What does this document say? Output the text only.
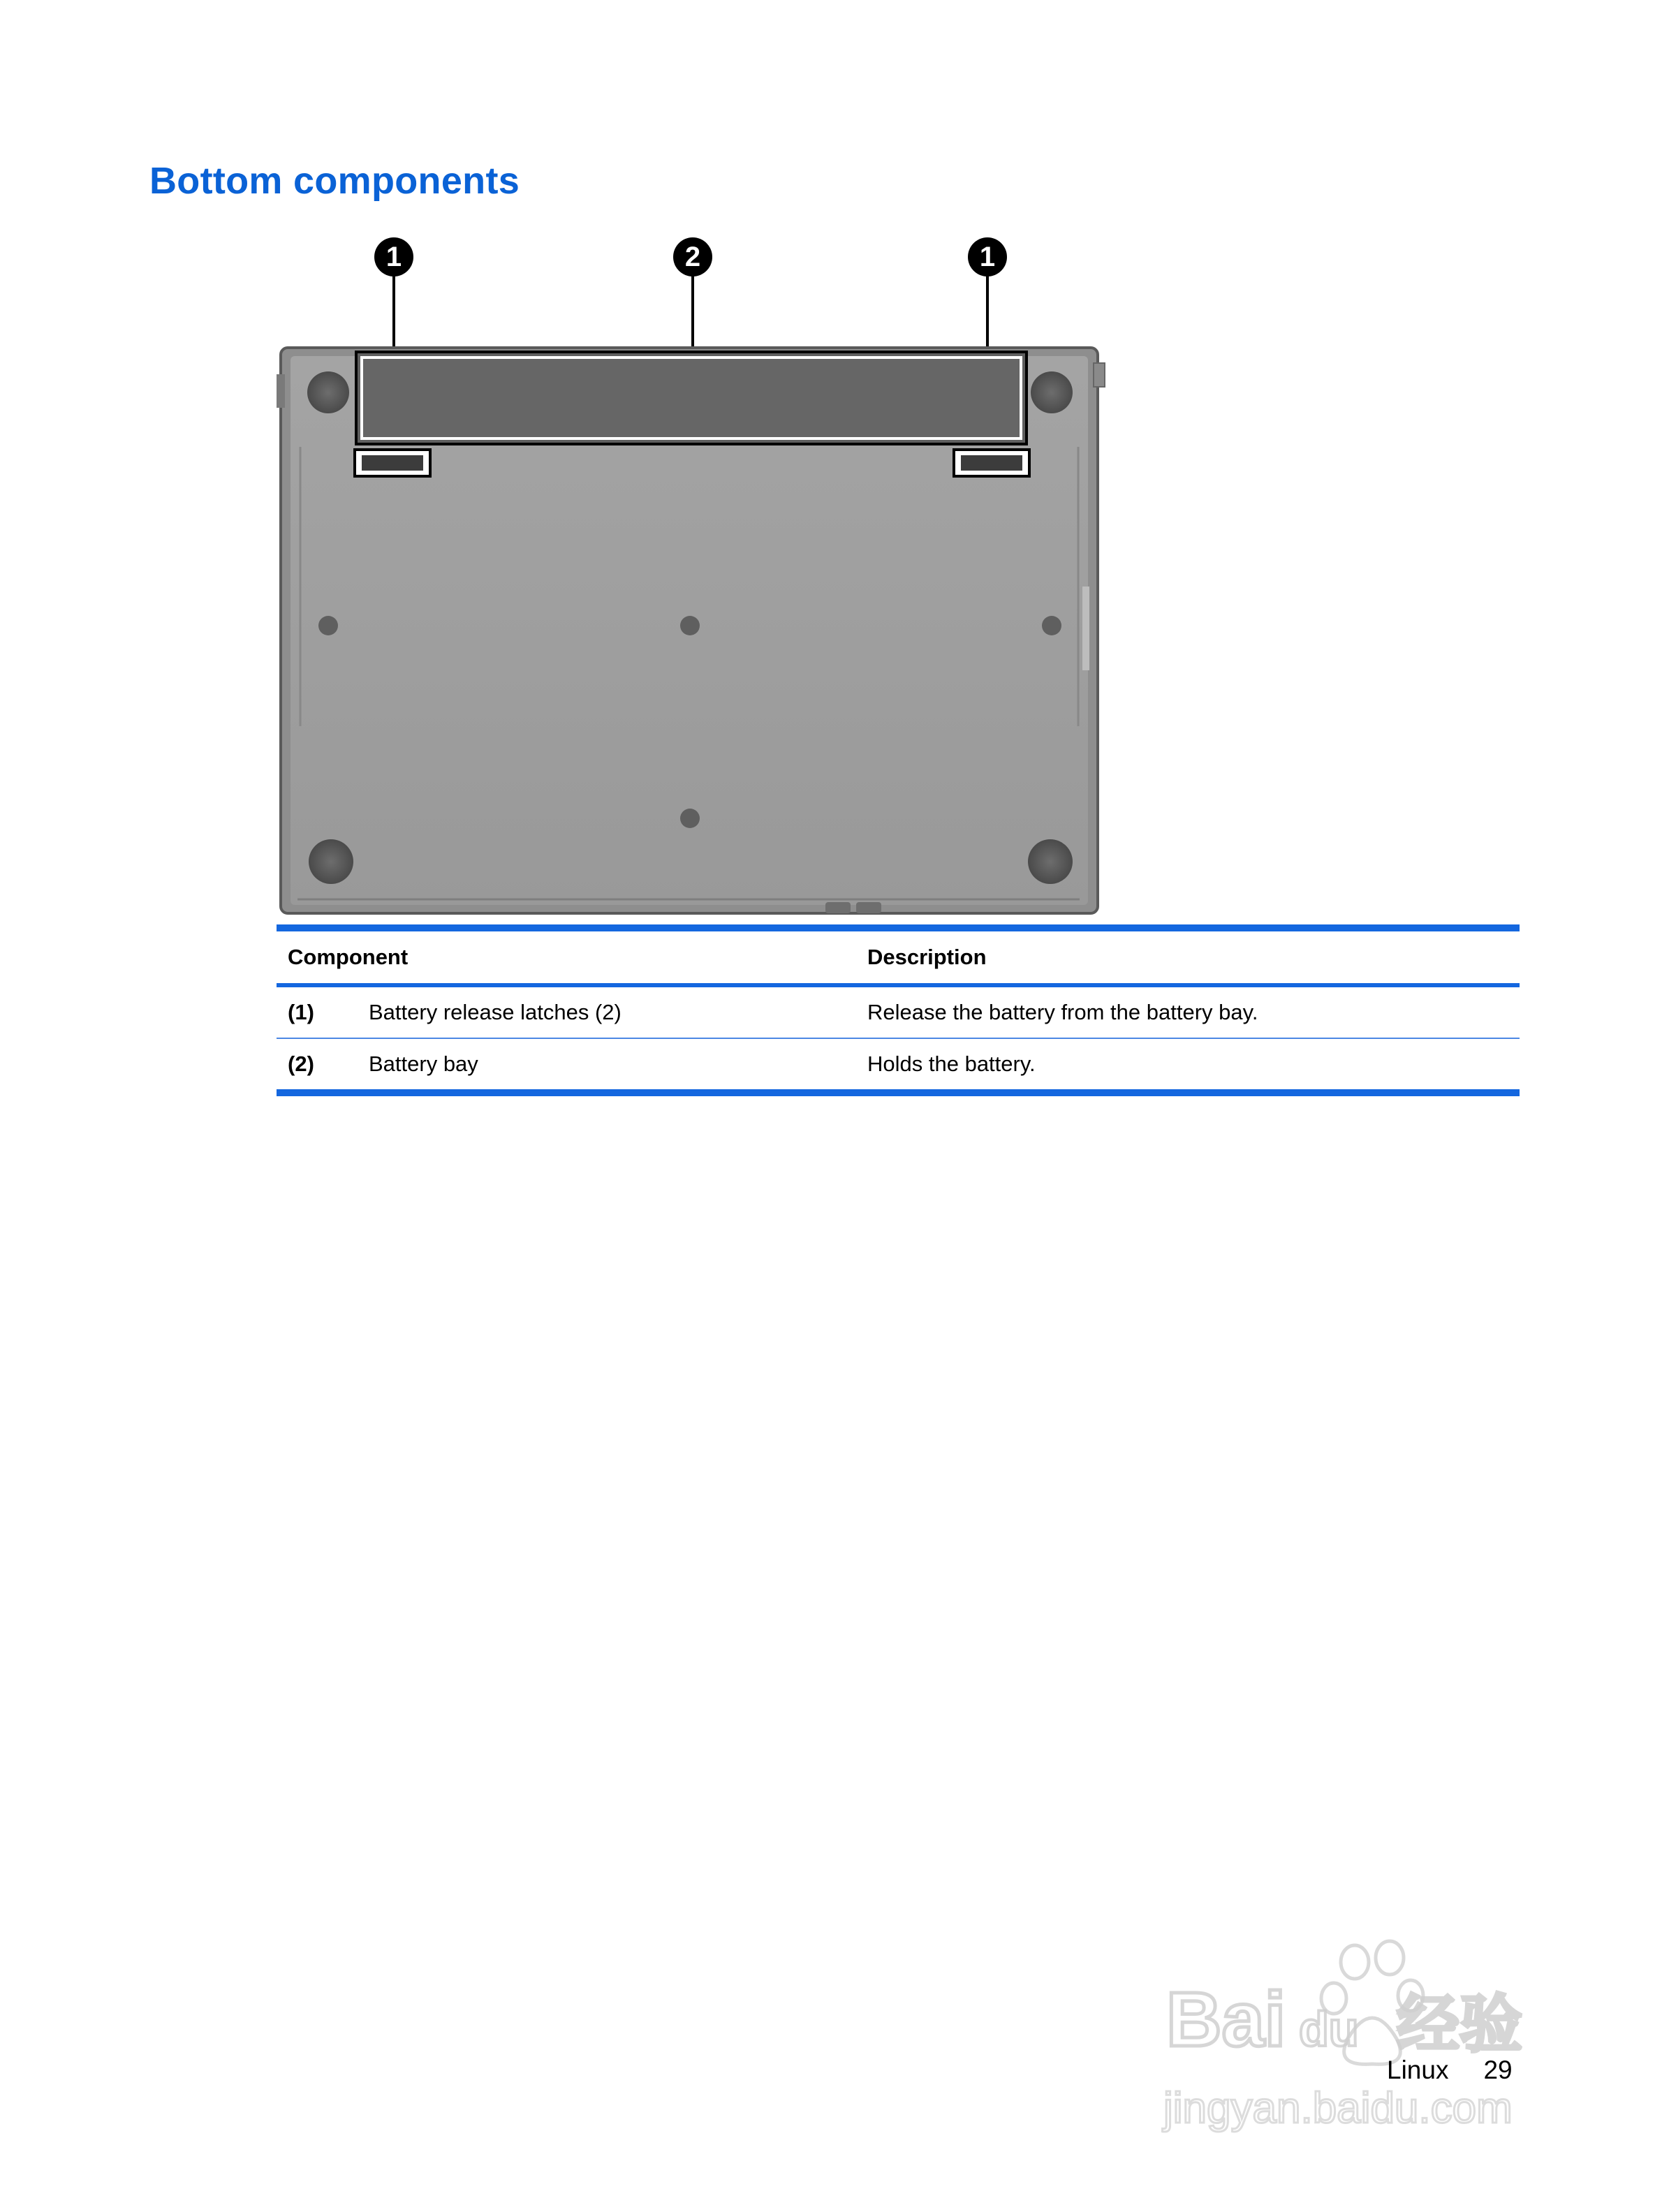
Bottom components
1	2	1
Component	Description
(1)	Battery release latches (2)	Release the battery from the battery bay.
(2)	Battery bay	Holds the battery.
Bai du 经验
jingyan.baidu.com
Linux 29
